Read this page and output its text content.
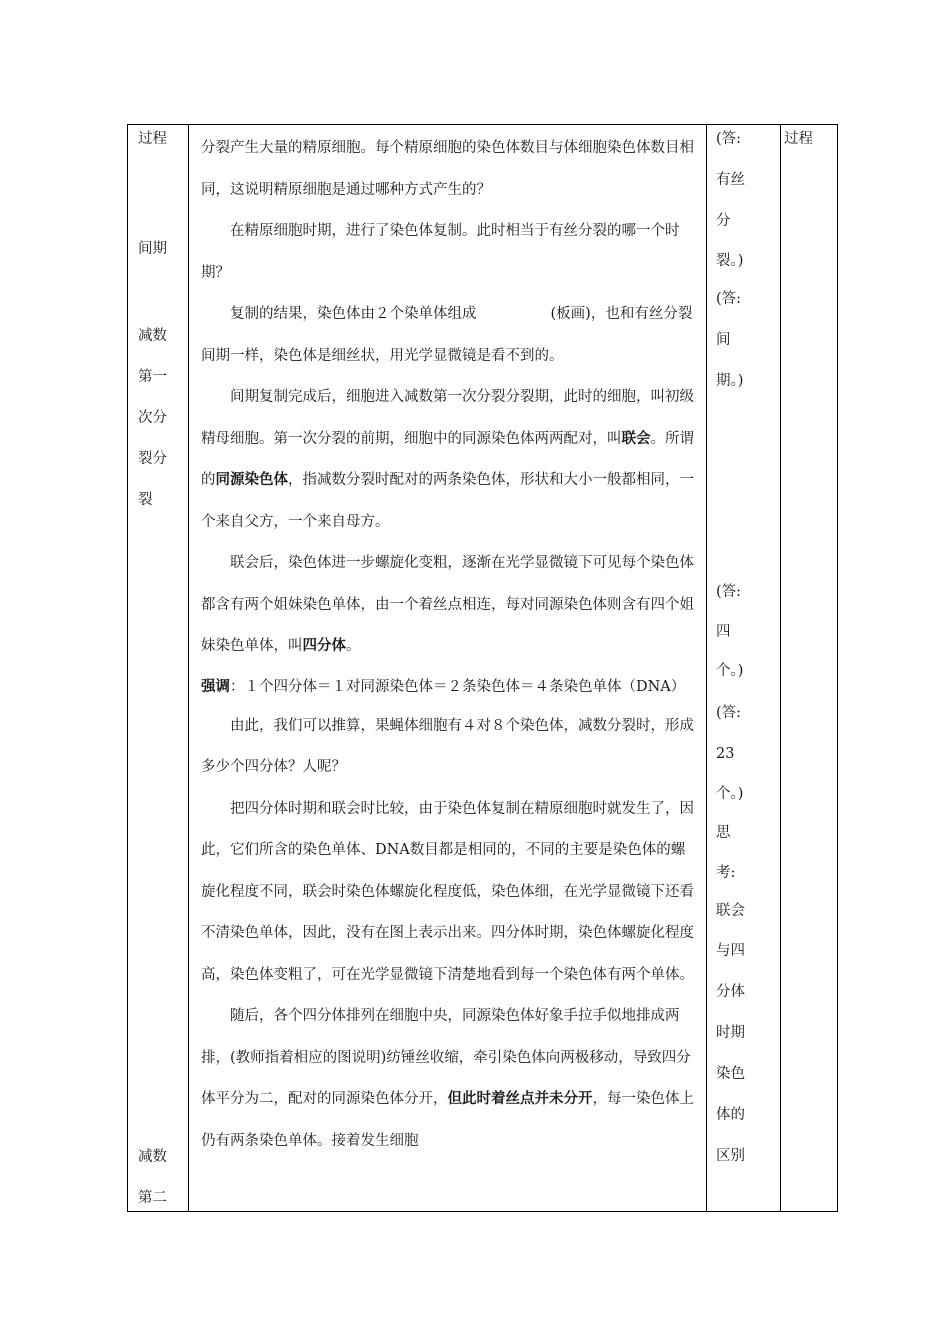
过程
间期
减数
第一
次分
裂分
裂
减数
第二

分裂产生大量的精原细胞。每个精原细胞的染色体数目与体细胞染色体数目相同，这说明精原细胞是通过哪种方式产生的？

在精原细胞时期，进行了染色体复制。此时相当于有丝分裂的哪一个时期？

复制的结果，染色体由２个染单体组成	(板画)，也和有丝分裂间期一样，染色体是细丝状，用光学显微镜是看不到的。

间期复制完成后，细胞进入减数第一次分裂分裂期，此时的细胞，叫初级精母细胞。第一次分裂的前期，细胞中的同源染色体两两配对，叫联会。所谓的同源染色体，指减数分裂时配对的两条染色体，形状和大小一般都相同，一个来自父方，一个来自母方。

联会后，染色体进一步螺旋化变粗，逐渐在光学显微镜下可见每个染色体都含有两个姐妹染色单体，由一个着丝点相连，每对同源染色体则含有四个姐妹染色单体，叫四分体。

强调：１个四分体＝１对同源染色体＝２条染色体＝４条染色单体（DNA）

由此，我们可以推算，果蝇体细胞有４对８个染色体，减数分裂时，形成多少个四分体？人呢？

把四分体时期和联会时比较，由于染色体复制在精原细胞时就发生了，因此，它们所含的染色单体、DNA数目都是相同的，不同的主要是染色体的螺旋化程度不同，联会时染色体螺旋化程度低，染色体细，在光学显微镜下还看不清染色单体，因此，没有在图上表示出来。四分体时期，染色体螺旋化程度高，染色体变粗了，可在光学显微镜下清楚地看到每一个染色体有两个单体。

随后，各个四分体排列在细胞中央，同源染色体好象手拉手似地排成两排，(教师指着相应的图说明)纺锤丝收缩，牵引染色体向两极移动，导致四分体平分为二，配对的同源染色体分开，但此时着丝点并未分开，每一染色体上仍有两条染色单体。接着发生细胞

(答:
有丝
分
裂。)
(答:
间
期。)
(答:
四
个。)
(答:
23
个。)
思
考:
联会
与四
分体
时期
染色
体的
区别
过程
